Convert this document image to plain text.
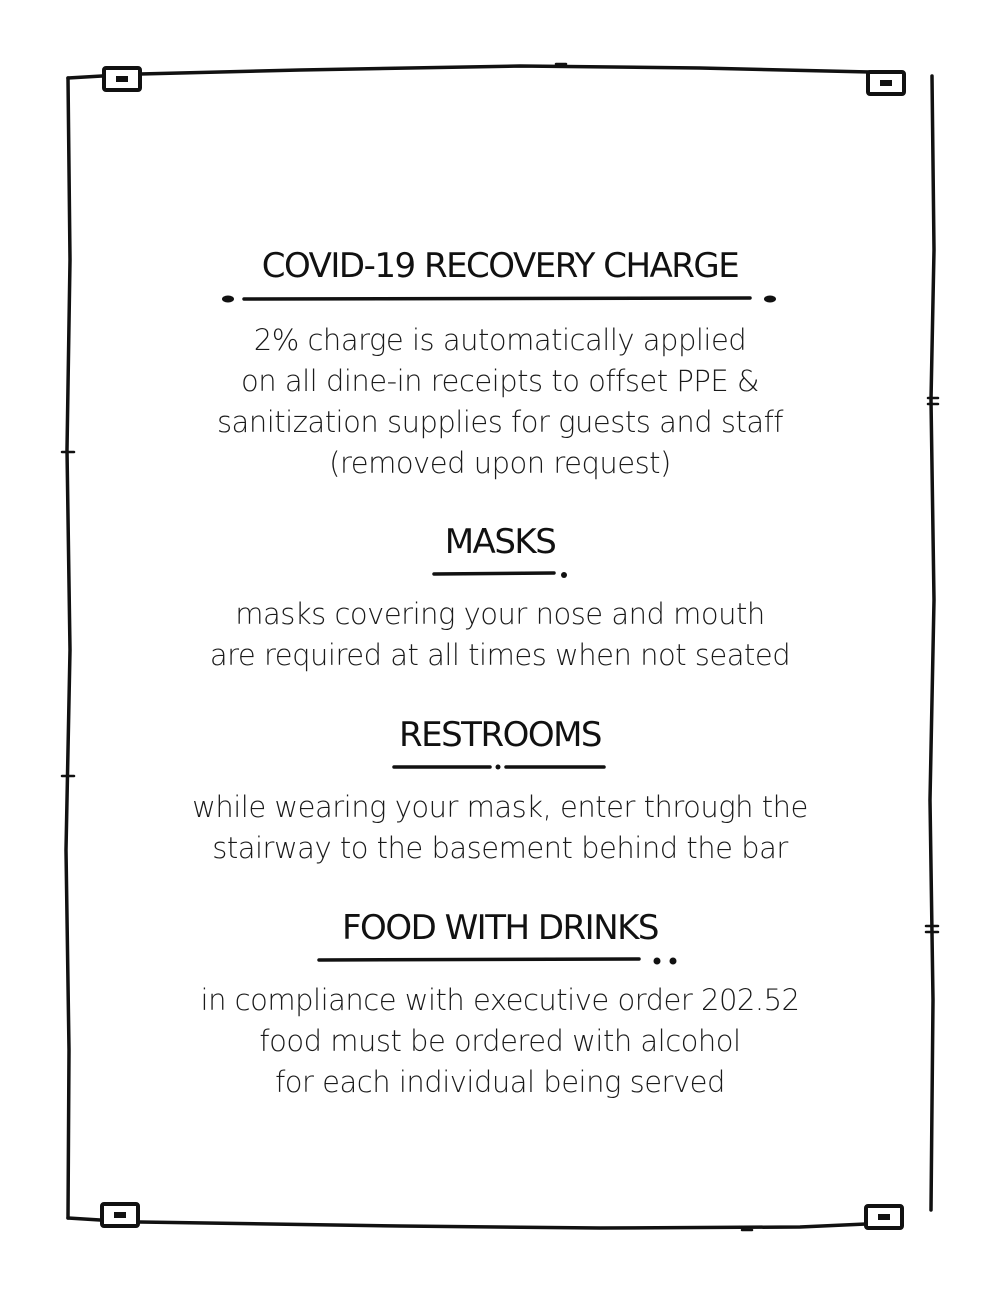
COVID-19 RECOVERY CHARGE

2% charge is automatically applied

on all dine-in receipts to offset PPE &

sanitization supplies for guests and staff

(removed upon request)

MASKS

masks covering your nose and mouth

are required at all times when not seated

RESTROOMS

while wearing your mask, enter through the

stairway to the basement behind the bar

FOOD WITH DRINKS

in compliance with executive order 202.52

food must be ordered with alcohol

for each individual being served
